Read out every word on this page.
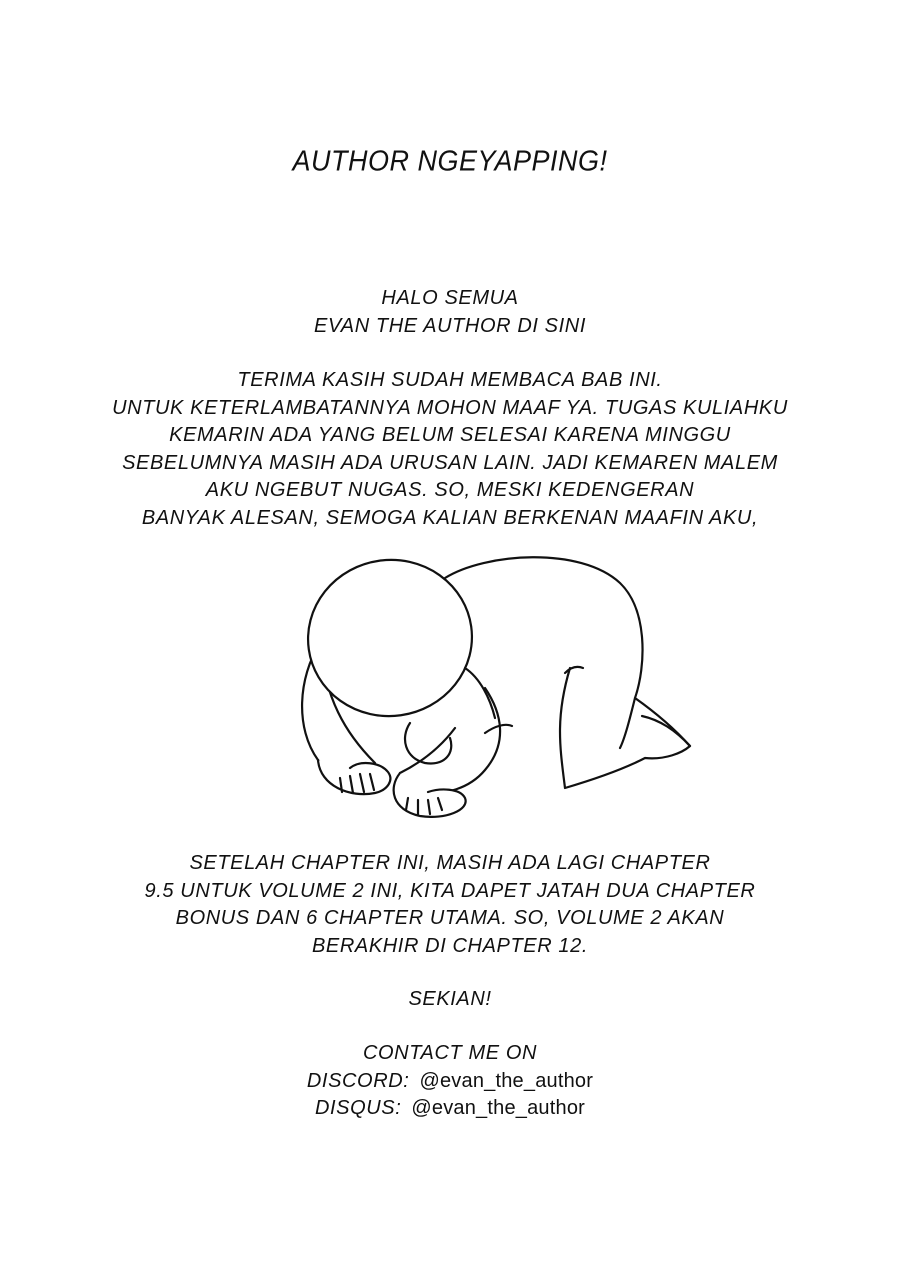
AUTHOR NGEYAPPING!
HALO SEMUA
EVAN THE AUTHOR DI SINI
TERIMA KASIH SUDAH MEMBACA BAB INI.
UNTUK KETERLAMBATANNYA MOHON MAAF YA. TUGAS KULIAHKU
KEMARIN ADA YANG BELUM SELESAI KARENA MINGGU
SEBELUMNYA MASIH ADA URUSAN LAIN. JADI KEMAREN MALEM
AKU NGEBUT NUGAS. SO, MESKI KEDENGERAN
BANYAK ALESAN, SEMOGA KALIAN BERKENAN MAAFIN AKU,
SETELAH CHAPTER INI, MASIH ADA LAGI CHAPTER
9.5 UNTUK VOLUME 2 INI, KITA DAPET JATAH DUA CHAPTER
BONUS DAN 6 CHAPTER UTAMA. SO, VOLUME 2 AKAN
BERAKHIR DI CHAPTER 12.
SEKIAN!
CONTACT ME ON
DISCORD: @evan_the_author
DISQUS: @evan_the_author
